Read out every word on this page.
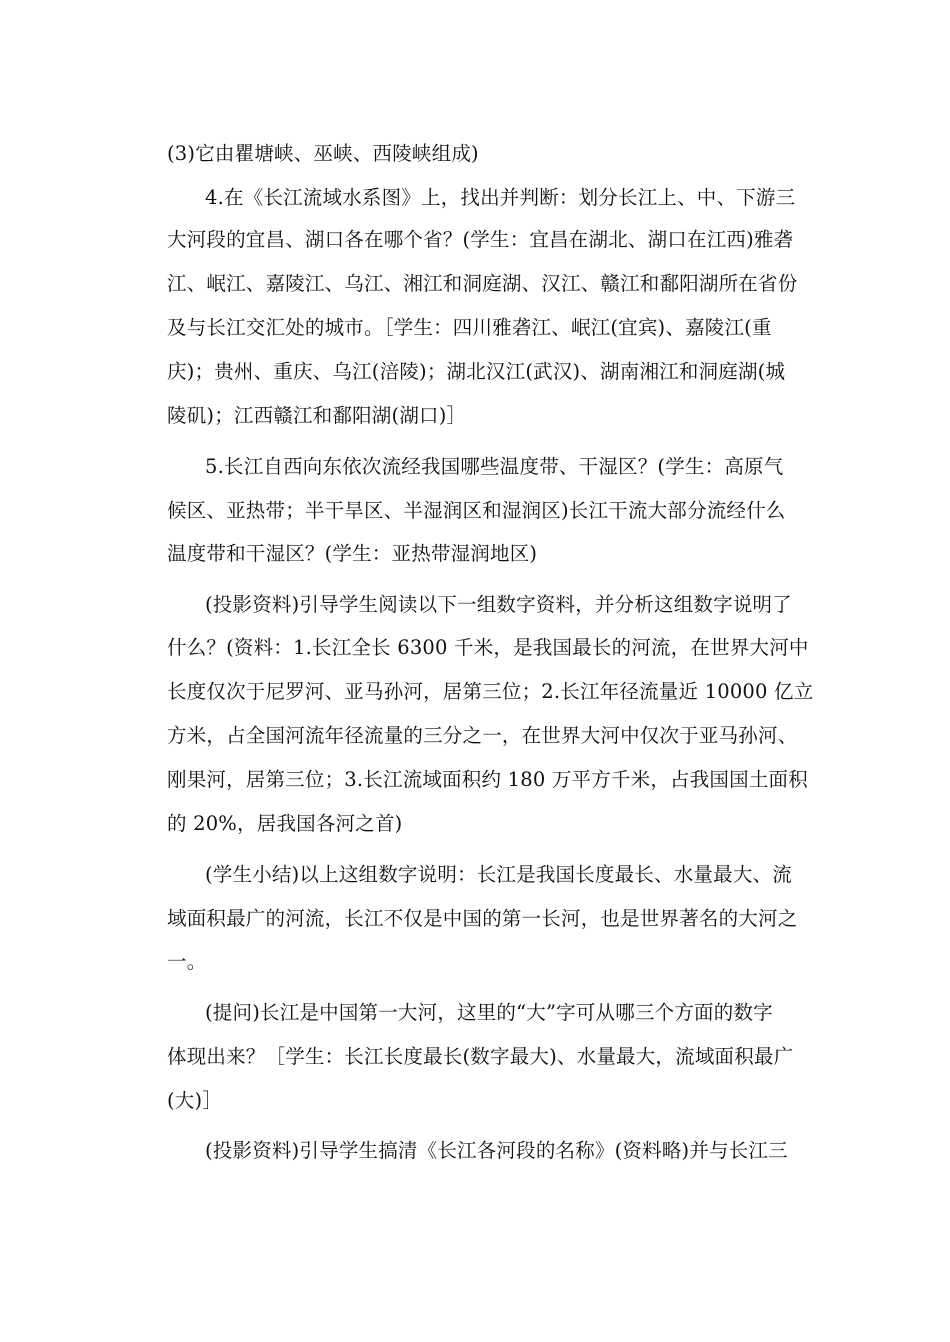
(3)它由瞿塘峡、巫峡、西陵峡组成)
4.在《长江流域水系图》上，找出并判断：划分长江上、中、下游三
大河段的宜昌、湖口各在哪个省？(学生：宜昌在湖北、湖口在江西)雅砻
江、岷江、嘉陵江、乌江、湘江和洞庭湖、汉江、赣江和鄱阳湖所在省份
及与长江交汇处的城市。［学生：四川雅砻江、岷江(宜宾)、嘉陵江(重
庆)；贵州、重庆、乌江(涪陵)；湖北汉江(武汉)、湖南湘江和洞庭湖(城
陵矶)；江西赣江和鄱阳湖(湖口)］
5.长江自西向东依次流经我国哪些温度带、干湿区？(学生：高原气
候区、亚热带；半干旱区、半湿润区和湿润区)长江干流大部分流经什么
温度带和干湿区？(学生：亚热带湿润地区)
(投影资料)引导学生阅读以下一组数字资料，并分析这组数字说明了
什么？(资料：1.长江全长 6300 千米，是我国最长的河流，在世界大河中
长度仅次于尼罗河、亚马孙河，居第三位；2.长江年径流量近 10000 亿立
方米，占全国河流年径流量的三分之一，在世界大河中仅次于亚马孙河、
刚果河，居第三位；3.长江流域面积约 180 万平方千米，占我国国土面积
的 20%，居我国各河之首)
(学生小结)以上这组数字说明：长江是我国长度最长、水量最大、流
域面积最广的河流，长江不仅是中国的第一长河，也是世界著名的大河之
一。
(提问)长江是中国第一大河，这里的“大”字可从哪三个方面的数字
体现出来？［学生：长江长度最长(数字最大)、水量最大，流域面积最广
(大)］
(投影资料)引导学生搞清《长江各河段的名称》(资料略)并与长江三
